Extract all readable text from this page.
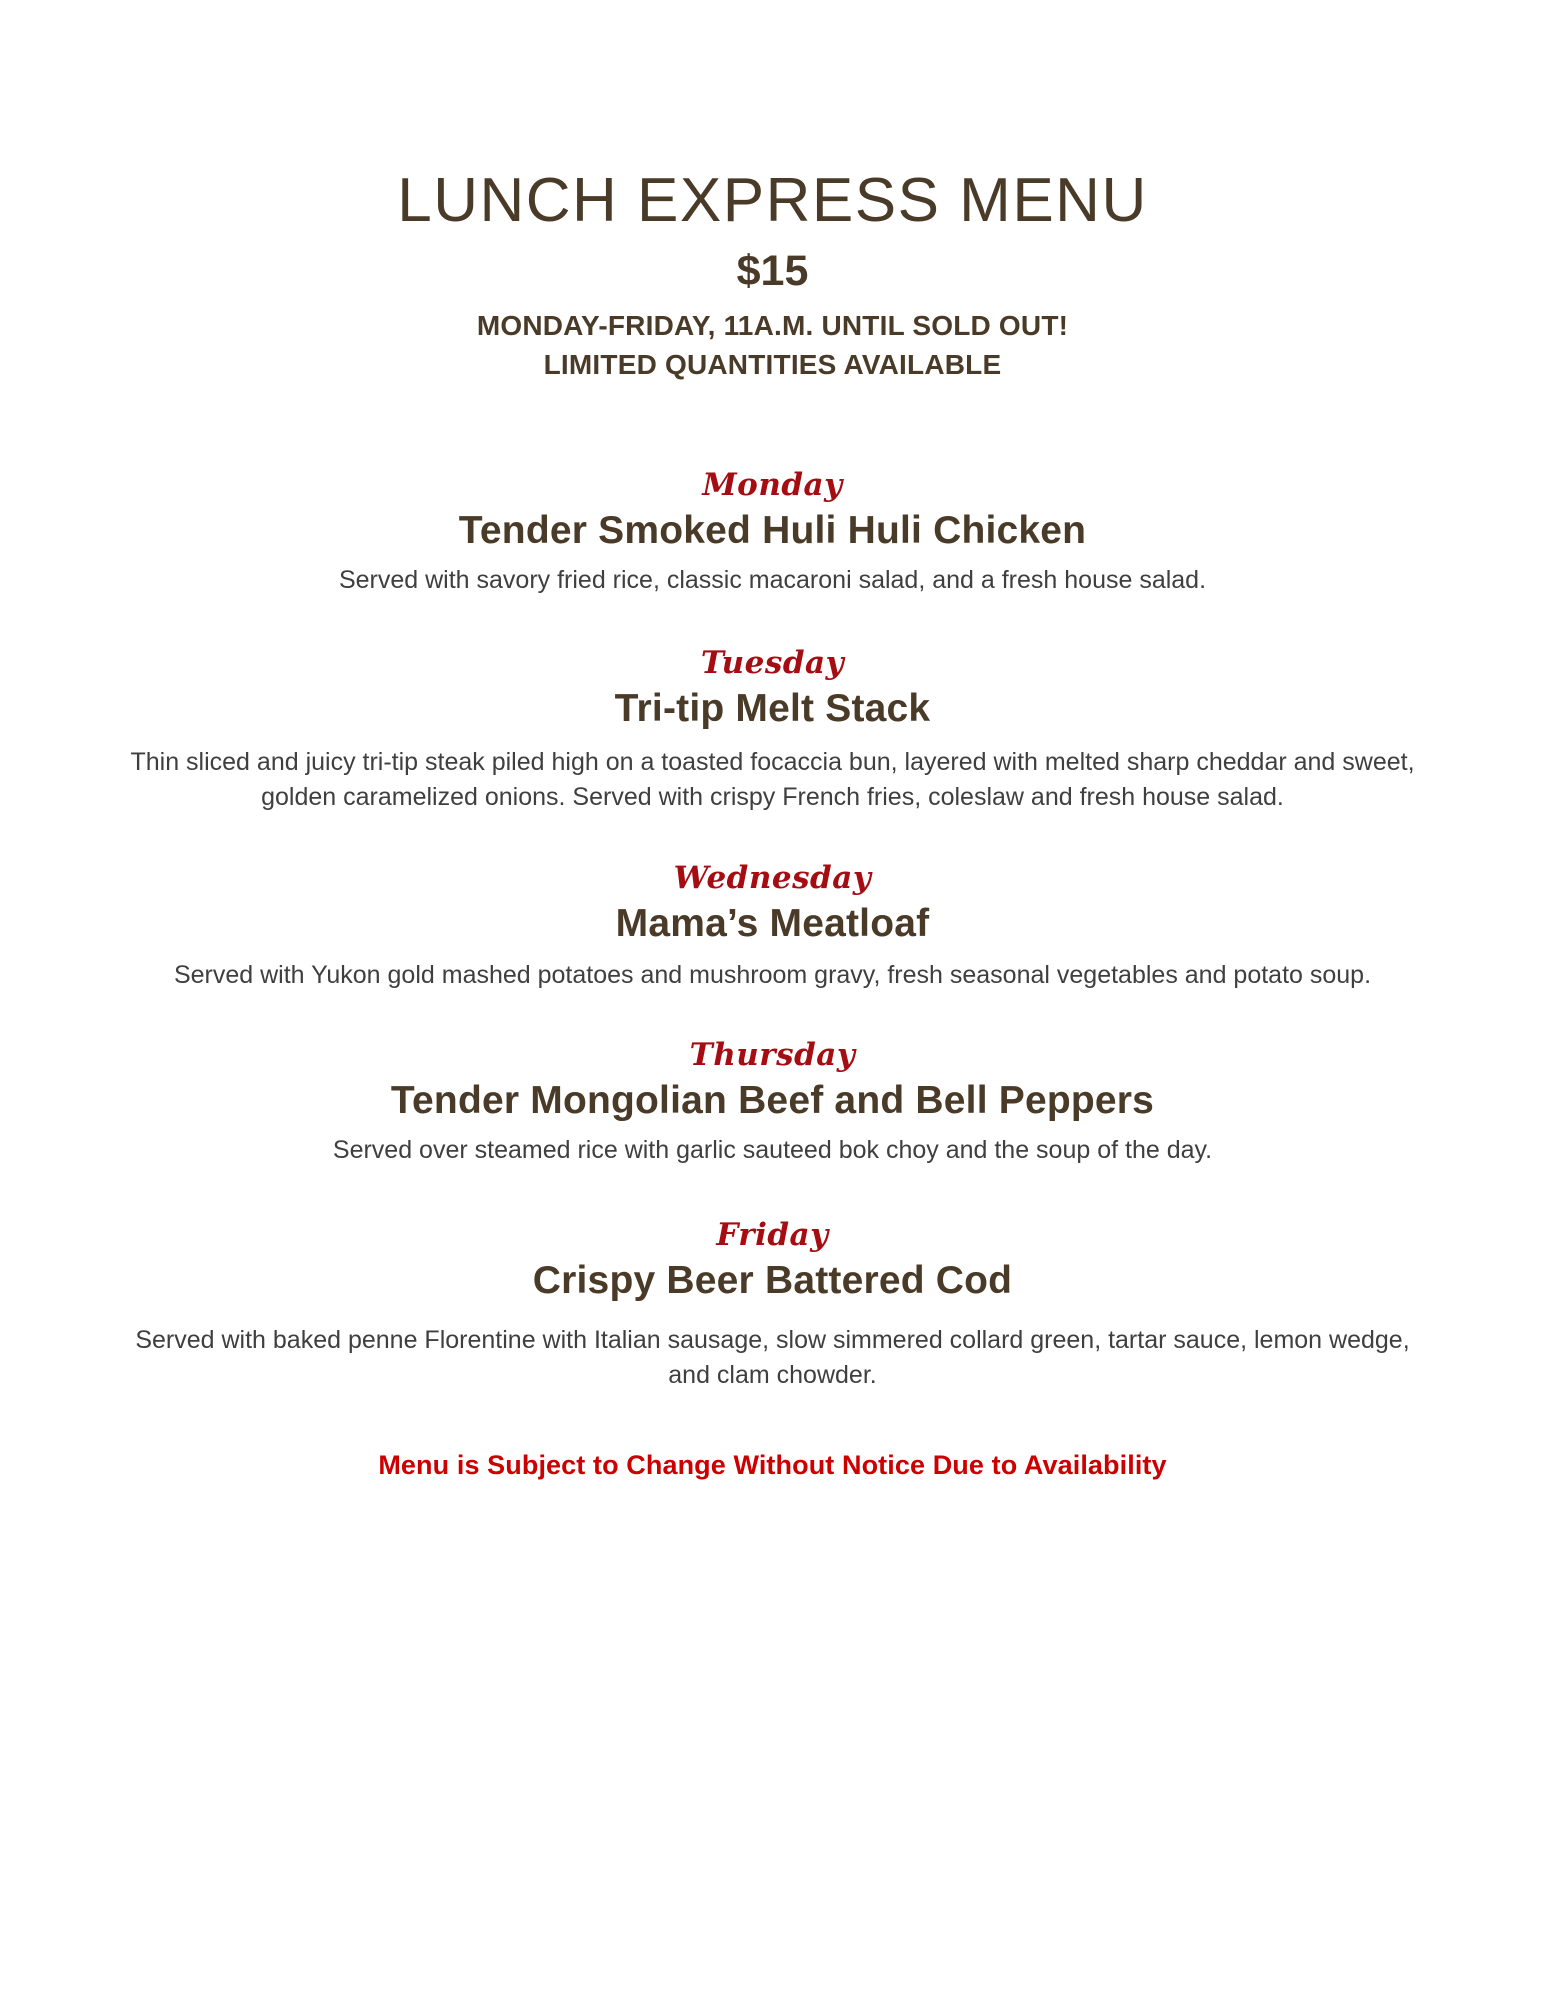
LUNCH EXPRESS MENU
$15
MONDAY-FRIDAY, 11A.M. UNTIL SOLD OUT!
LIMITED QUANTITIES AVAILABLE
Monday
Tender Smoked Huli Huli Chicken
Served with savory fried rice, classic macaroni salad, and a fresh house salad.
Tuesday
Tri-tip Melt Stack
Thin sliced and juicy tri-tip steak piled high on a toasted focaccia bun, layered with melted sharp cheddar and sweet, golden caramelized onions. Served with crispy French fries, coleslaw and fresh house salad.
Wednesday
Mama’s Meatloaf
Served with Yukon gold mashed potatoes and mushroom gravy, fresh seasonal vegetables and potato soup.
Thursday
Tender Mongolian Beef and Bell Peppers
Served over steamed rice with garlic sauteed bok choy and the soup of the day.
Friday
Crispy Beer Battered Cod
Served with baked penne Florentine with Italian sausage, slow simmered collard green, tartar sauce, lemon wedge, and clam chowder.
Menu is Subject to Change Without Notice Due to Availability
